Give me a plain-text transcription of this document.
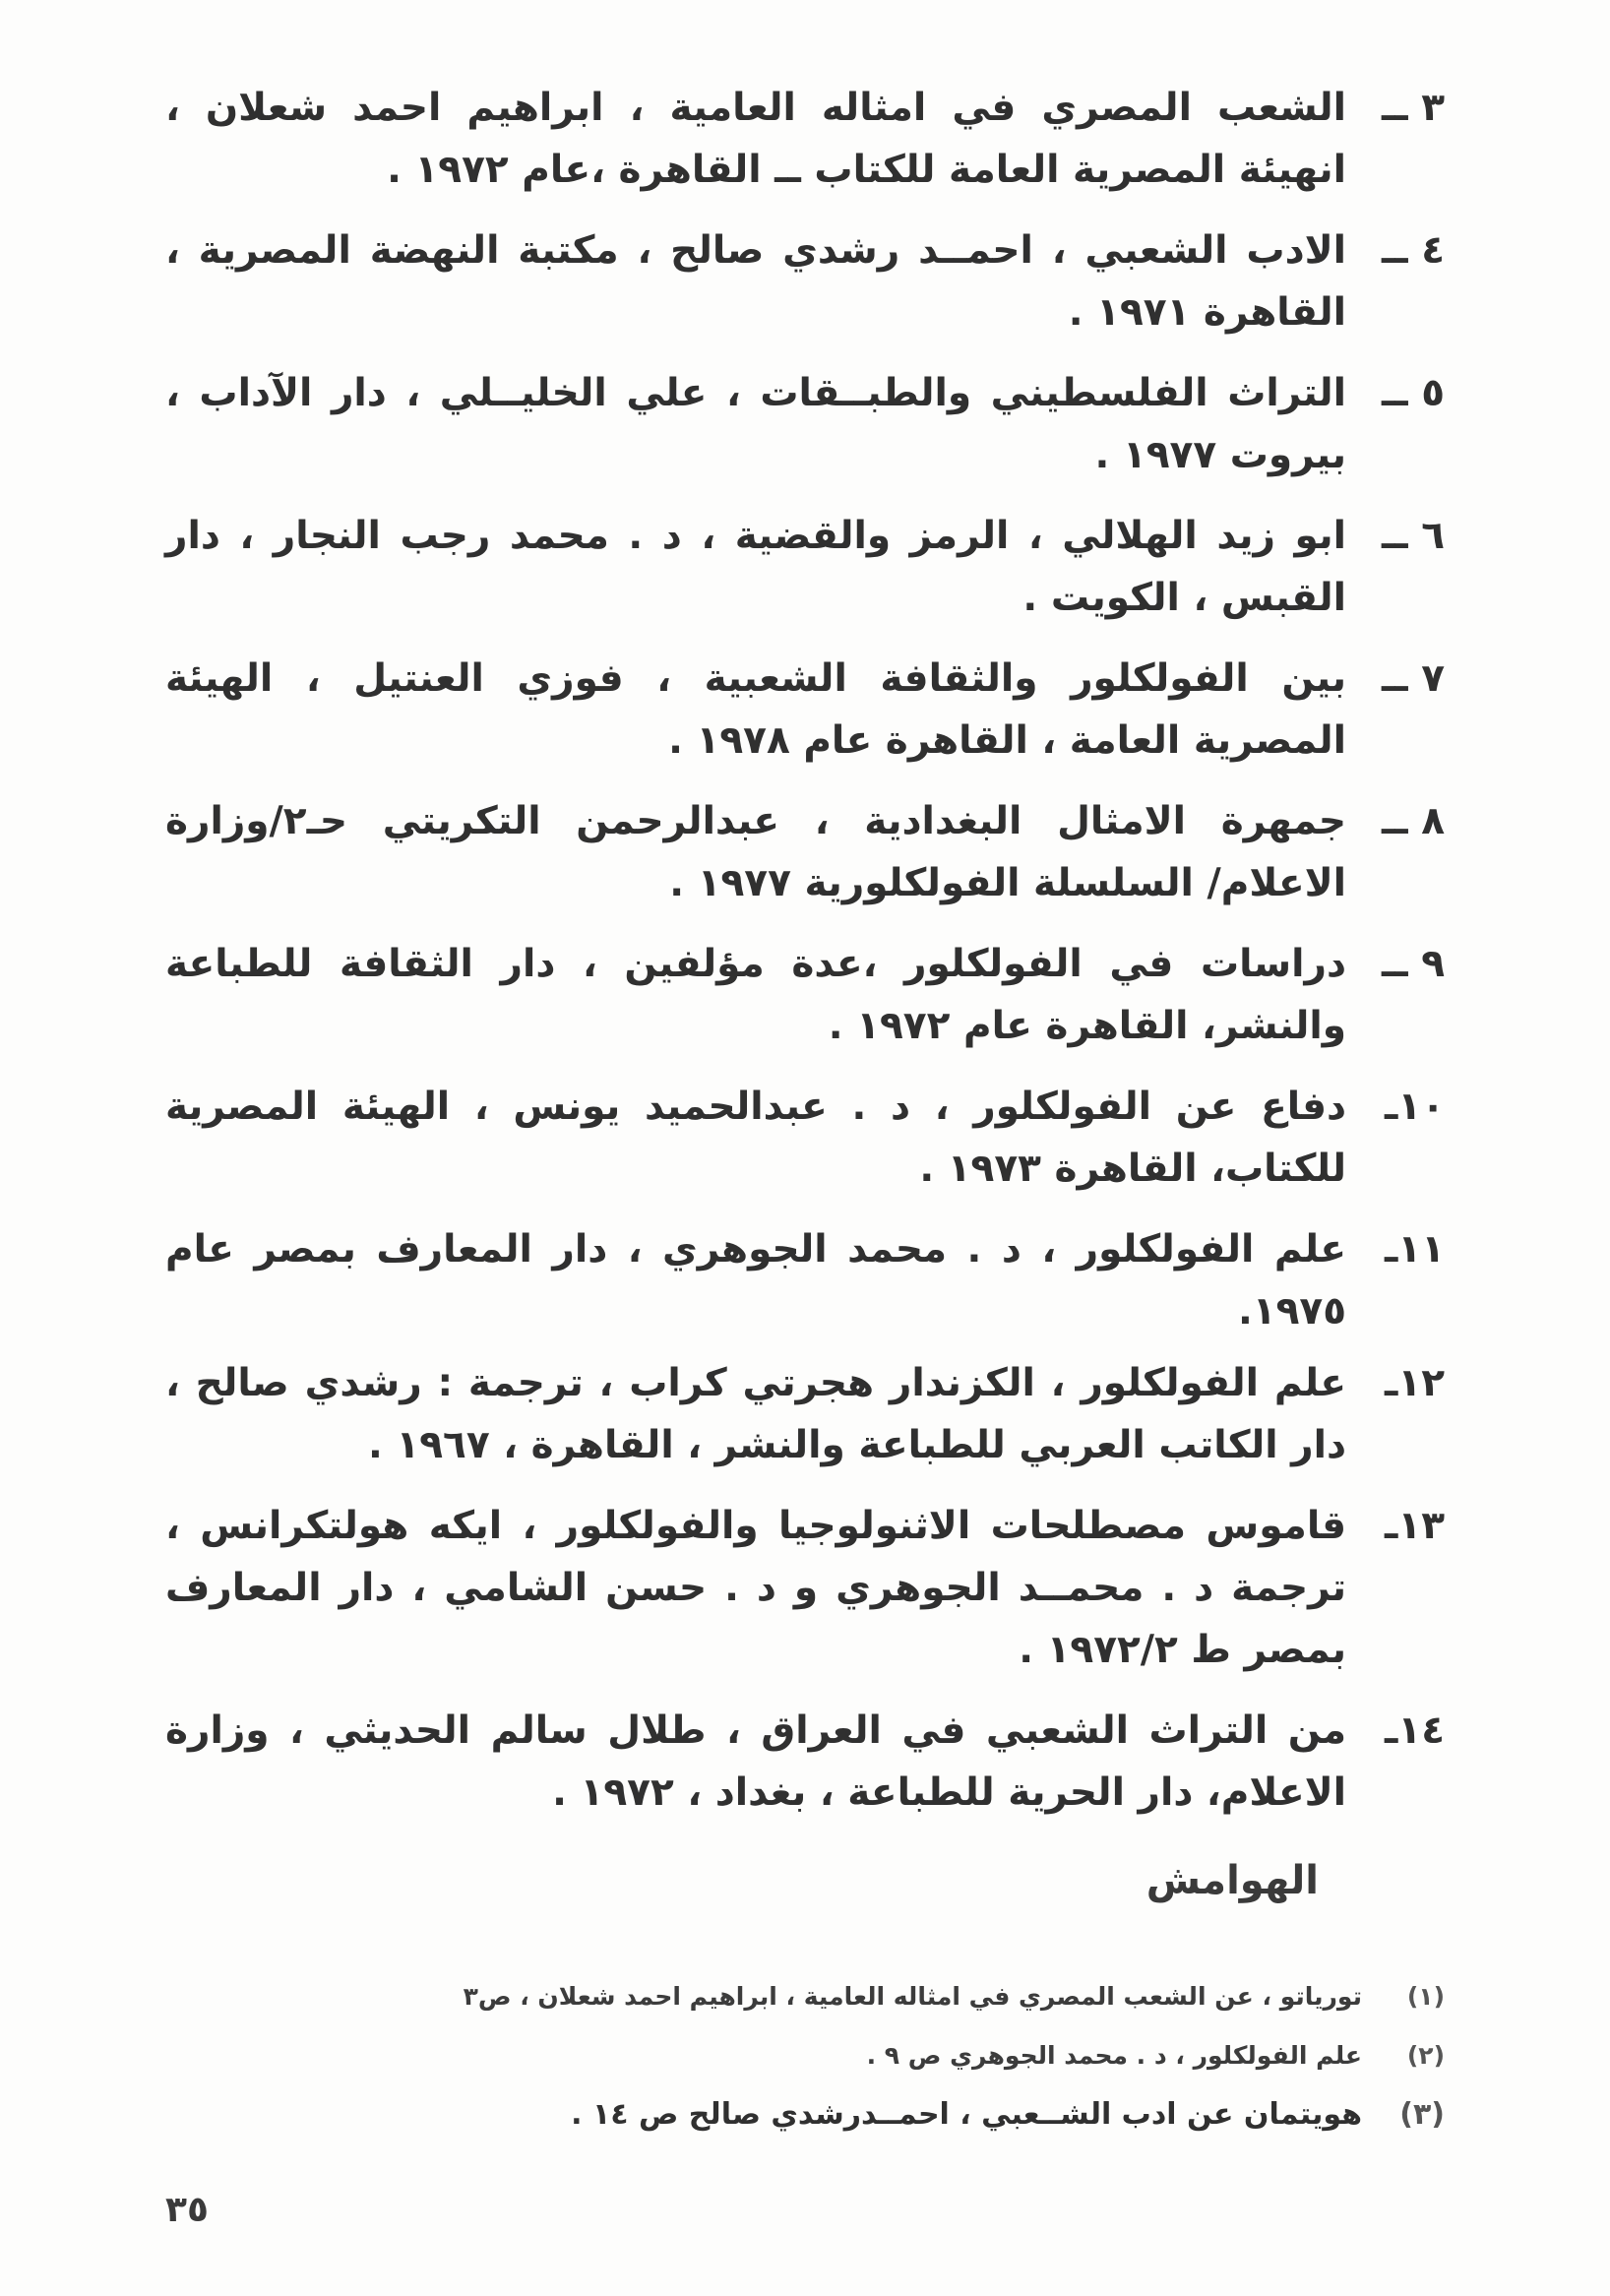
٣ ــ
الشعب المصري في امثاله العامية ، ابراهيم احمد شعلان ، انهيئة المصرية العامة للكتاب ــ القاهرة ،عام ١٩٧٢ .
٤ ــ
الادب الشعبي ، احمــد رشدي صالح ، مكتبة النهضة المصرية ، القاهرة ١٩٧١ .
٥ ــ
التراث الفلسطيني والطبــقات ، علي الخليــلي ، دار الآداب ، بيروت ١٩٧٧ .
٦ ــ
ابو زيد الهلالي ، الرمز والقضية ، د . محمد رجب النجار ، دار القبس ، الكويت .
٧ ــ
بين الفولكلور والثقافة الشعبية ، فوزي العنتيل ، الهيئة المصرية العامة ، القاهرة عام ١٩٧٨ .
٨ ــ
جمهرة الامثال البغدادية ، عبدالرحمن التكريتي حـ٢/وزارة الاعلام/ السلسلة الفولكلورية ١٩٧٧ .
٩ ــ
دراسات في الفولكلور ،عدة مؤلفين ، دار الثقافة للطباعة والنشر، القاهرة عام ١٩٧٢ .
١٠ـ
دفاع عن الفولكلور ، د . عبدالحميد يونس ، الهيئة المصرية للكتاب، القاهرة ١٩٧٣ .
١١ـ
علم الفولكلور ، د . محمد الجوهري ، دار المعارف بمصر عام ١٩٧٥.
١٢ـ
علم الفولكلور ، الكزندار هجرتي كراب ، ترجمة : رشدي صالح ، دار الكاتب العربي للطباعة والنشر ، القاهرة ، ١٩٦٧ .
١٣ـ
قاموس مصطلحات الاثنولوجيا والفولكلور ، ايكه هولتكرانس ، ترجمة د . محمــد الجوهري و د . حسن الشامي ، دار المعارف بمصر ط ١٩٧٢/٢ .
١٤ـ
من التراث الشعبي في العراق ، طلال سالم الحديثي ، وزارة الاعلام، دار الحرية للطباعة ، بغداد ، ١٩٧٢ .
الهوامش
(١)
تورياتو ، عن الشعب المصري في امثاله العامية ، ابراهيم احمد شعلان ، ص٣
(٢)
علم الفولكلور ، د . محمد الجوهري ص ٩ .
(٣)
هويتمان عن ادب الشــعبي ، احمــدرشدي صالح ص ١٤ .
٣٥
